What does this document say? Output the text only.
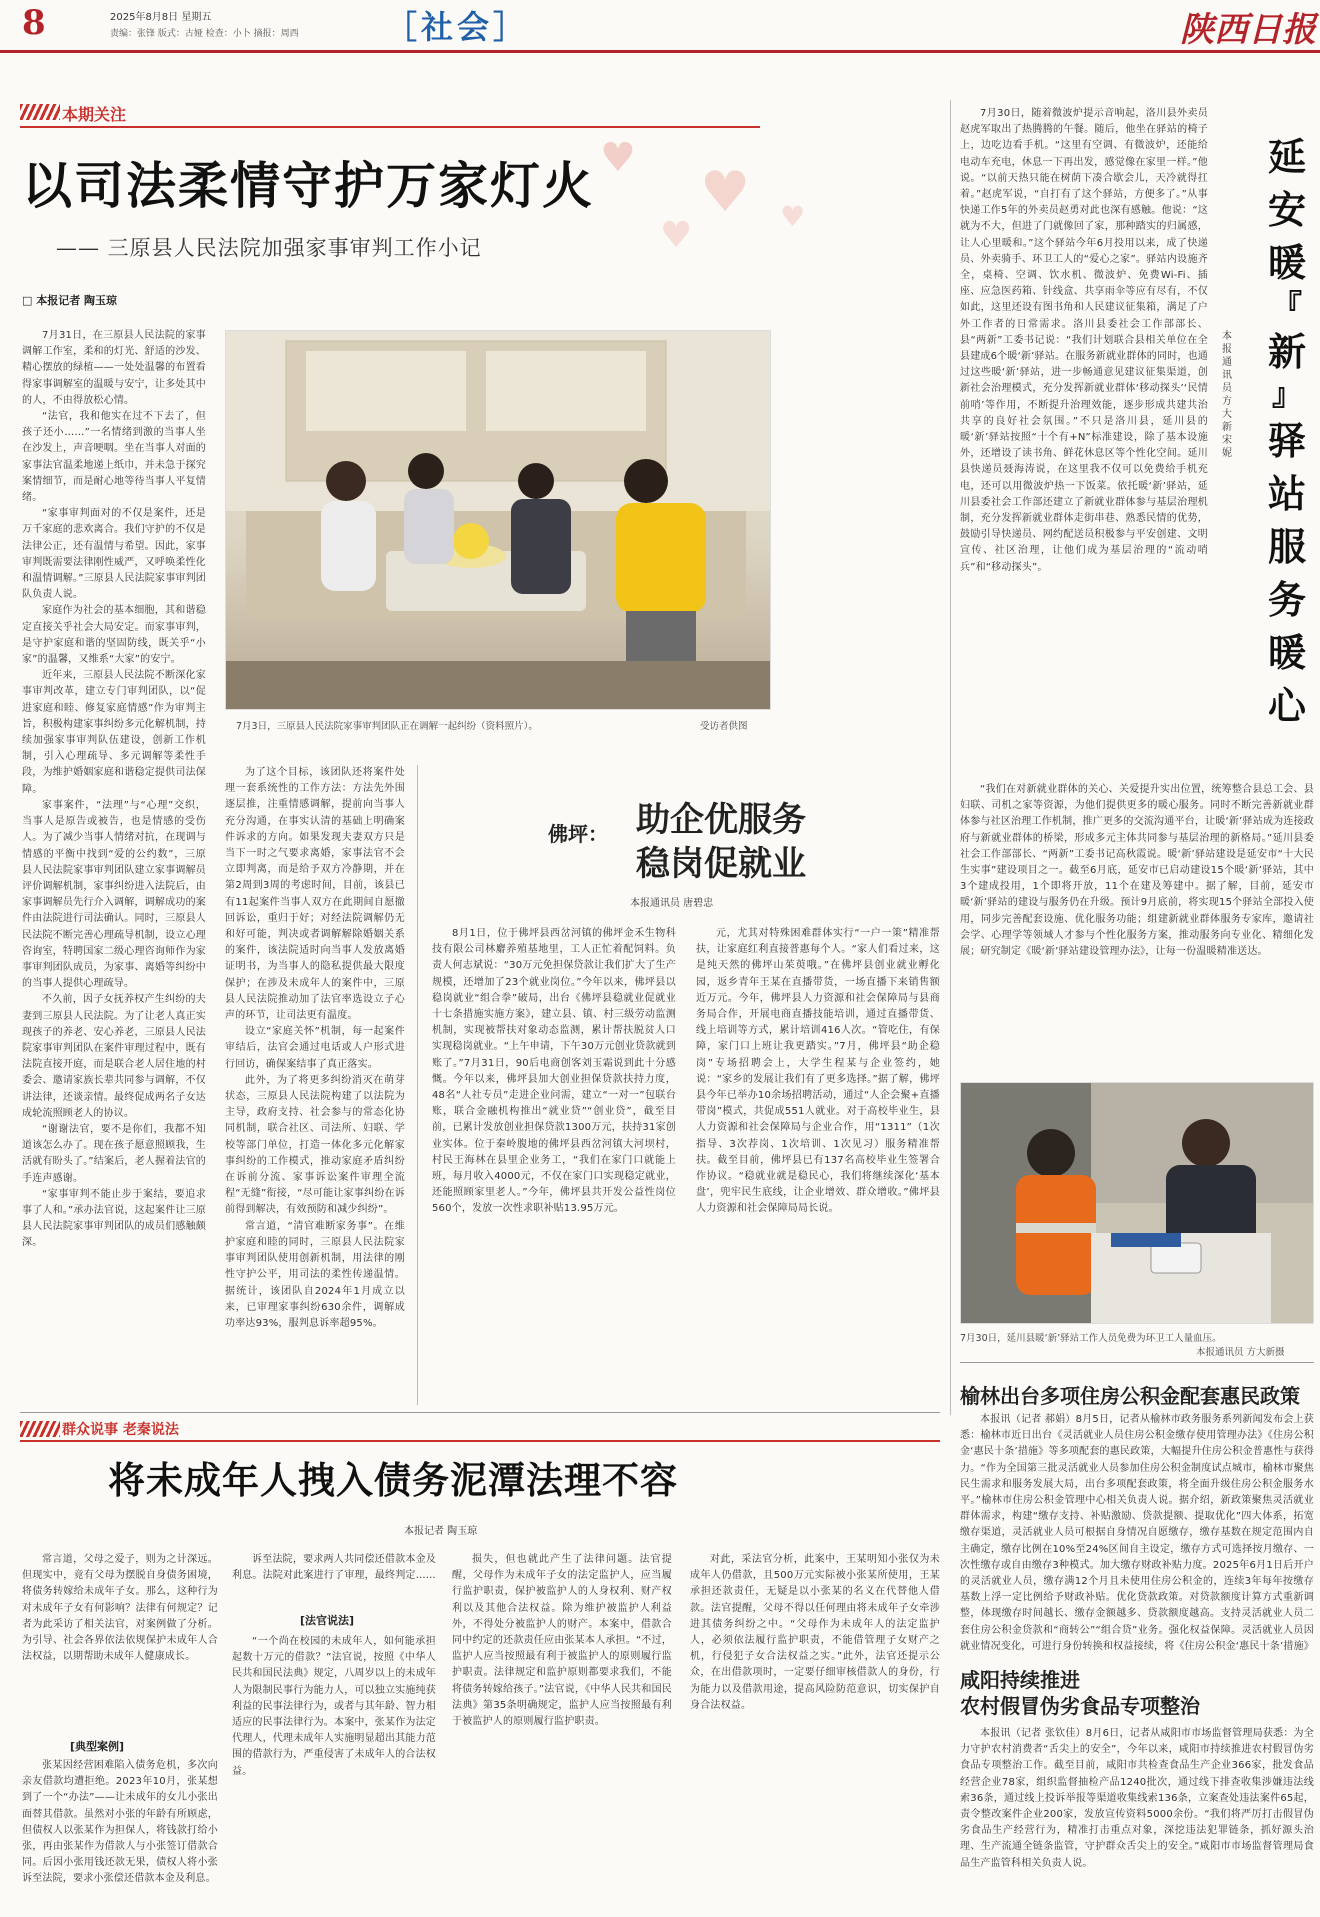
8	2025年8月8日 星期五
责编：张锋 版式：古娅 检查：小卜 摘报：周西	［社会］	陕西日报
本期关注
以司法柔情守护万家灯火
—— 三原县人民法院加强家事审判工作小记
♥
♥
♥	♥
□ 本报记者 陶玉琼

7月31日，在三原县人民法院的家事调解工作室，柔和的灯光、舒适的沙发、精心摆放的绿植——一处处温馨的布置看得家事调解室的温暖与安宁，让多处其中的人，不由得放松心情。

“法官，我和他实在过不下去了，但孩子还小……”一名情绪到激的当事人坐在沙发上，声音哽咽。坐在当事人对面的家事法官温柔地递上纸巾，并未急于探究案情细节，而是耐心地等待当事人平复情绪。

“家事审判面对的不仅是案件，还是万千家庭的悲欢离合。我们守护的不仅是法律公正，还有温情与希望。因此，家事审判既需要法律刚性威严，又呼唤柔性化和温情调解。”三原县人民法院家事审判团队负责人说。

家庭作为社会的基本细胞，其和谐稳定直接关乎社会大局安定。而家事审判，是守护家庭和谐的坚固防线，既关乎“小家”的温馨，又维系“大家”的安宁。

近年来，三原县人民法院不断深化家事审判改革，建立专门审判团队，以“促进家庭和睦、修复家庭情感”作为审判主旨，积极构建家事纠纷多元化解机制，持续加强家事审判队伍建设，创新工作机制，引入心理疏导、多元调解等柔性手段，为维护婚姻家庭和谐稳定提供司法保障。

家事案件，“法理”与“心理”交织，当事人是原告或被告，也是情感的受伤人。为了减少当事人情绪对抗，在现调与情感的平衡中找到“爱的公约数”，三原县人民法院家事审判团队建立家事调解员评价调解机制，家事纠纷进入法院后，由家事调解员先行介入调解，调解成功的案件由法院进行司法确认。同时，三原县人民法院不断完善心理疏导机制，设立心理咨询室，特聘国家二级心理咨询师作为家事审判团队成员，为家事、离婚等纠纷中的当事人提供心理疏导。

不久前，因子女抚养权产生纠纷的夫妻到三原县人民法院。为了让老人真正实现孩子的养老、安心养老，三原县人民法院家事审判团队在案件审理过程中，既有法院直接开庭，而是联合老人居住地的村委会、邀请家族长辈共同参与调解，不仅讲法律，还谈亲情。最终促成两名子女达成轮流照顾老人的协议。

“谢谢法官，要不是你们，我都不知道该怎么办了。现在孩子愿意照顾我，生活就有盼头了。”结案后，老人握着法官的手连声感谢。

“家事审判不能止步于案结，要追求事了人和。”承办法官说，这起案件让三原县人民法院家事审判团队的成员们感触颇深。

7月3日，三原县人民法院家事审判团队正在调解一起纠纷（资料照片）。	受访者供图

为了这个目标，该团队还将案件处理一套系统性的工作方法：方法先外围逐层推，注重情感调解，提前向当事人充分沟通，在事实认清的基础上明确案件诉求的方向。如果发现夫妻双方只是当下一时之气要求离婚，家事法官不会立即判离，而是给予双方冷静期，并在第2周到3周的考虑时间，目前，该县已有11起案件当事人双方在此期间自愿撤回诉讼，重归于好；对经法院调解仍无和好可能，判决或者调解解除婚姻关系的案件，该法院适时向当事人发放离婚证明书，为当事人的隐私提供最大限度保护；在涉及未成年人的案件中，三原县人民法院推动加了法官率选设立子心声的环节，让司法更有温度。

设立“家庭关怀”机制，每一起案件审结后，法官会通过电话或人户形式进行回访，确保案结事了真正落实。

此外，为了将更多纠纷消灭在萌芽状态，三原县人民法院构建了以法院为主导，政府支持、社会参与的常态化协同机制，联合社区、司法所、妇联、学校等部门单位，打造一体化多元化解家事纠纷的工作模式，推动家庭矛盾纠纷在诉前分流、家事诉讼案件审理全流程“无缝”衔接，“尽可能让家事纠纷在诉前得到解决，有效预防和减少纠纷”。

常言道，“清官难断家务事”。在维护家庭和睦的同时，三原县人民法院家事审判团队使用创新机制，用法律的刚性守护公平，用司法的柔性传递温情。据统计，该团队自2024年1月成立以来，已审理家事纠纷630余件，调解成功率达93%，服判息诉率超95%。

佛坪： 助企优服务
稳岗促就业
本报通讯员 唐碧忠

8月1日，位于佛坪县西岔河镇的佛坪金禾生物科技有限公司林麝养殖基地里，工人正忙着配饲料。负责人何志斌说：“30万元免担保贷款让我们扩大了生产规模，还增加了23个就业岗位。”今年以来，佛坪县以稳岗就业“组合拳”破局，出台《佛坪县稳就业促就业十七条措施实施方案》，建立县、镇、村三级劳动监测机制，实现被帮扶对象动态监测，累计帮扶脱贫人口实现稳岗就业。“上午申请，下午30万元创业贷款就到账了。”7月31日，90后电商创客刘玉霜说到此十分感慨。今年以来，佛坪县加大创业担保贷款扶持力度，48名“人社专员”走进企业问需，建立“一对一”包联台账，联合金融机构推出“就业贷”“创业贷”，截至目前，已累计发放创业担保贷款1300万元，扶持31家创业实体。位于秦岭腹地的佛坪县西岔河镇大河坝村，村民王海林在县里企业务工，“我们在家门口就能上班，每月收入4000元，不仅在家门口实现稳定就业，还能照顾家里老人。”今年，佛坪县共开发公益性岗位560个，发放一次性求职补贴13.95万元。

元，尤其对特殊困难群体实行“一户一策”精准帮扶，让家庭红利直接普惠每个人。“家人们看过来，这是纯天然的佛坪山茱萸哦。”在佛坪县创业就业孵化园，返乡青年王某在直播带货，一场直播下来销售额近万元。今年，佛坪县人力资源和社会保障局与县商务局合作，开展电商直播技能培训，通过直播带货、线上培训等方式，累计培训416人次。“管吃住，有保障，家门口上班让我更踏实。”7月，佛坪县“助企稳岗”专场招聘会上，大学生程某与企业签约，她说：“家乡的发展让我们有了更多选择。”据了解，佛坪县今年已举办10余场招聘活动，通过“人企会聚+直播带岗”模式，共促成551人就业。对于高校毕业生，县人力资源和社会保障局与企业合作，用“1311”（1次指导、3次荐岗、1次培训、1次见习）服务精准帮扶。截至目前，佛坪县已有137名高校毕业生签署合作协议。“稳就业就是稳民心，我们将继续深化‘基本盘’，兜牢民生底线，让企业增效、群众增收。”佛坪县人力资源和社会保障局局长说。

7月30日，随着微波炉提示音响起，洛川县外卖员赵虎军取出了热腾腾的午餐。随后，他坐在驿站的椅子上，边吃边看手机。“这里有空调、有微波炉，还能给电动车充电，休息一下再出发，感觉像在家里一样。”他说。“以前天热只能在树荫下凑合歇会儿，天冷就得扛着。”赵虎军说，“自打有了这个驿站，方便多了。”从事快递工作5年的外卖员赵勇对此也深有感触。他说：“这就为不大，但进了门就像回了家，那种踏实的归属感，让人心里暖和。”这个驿站今年6月投用以来，成了快递员、外卖骑手、环卫工人的“爱心之家”。驿站内设施齐全，桌椅、空调、饮水机、微波炉、免费Wi-Fi、插座、应急医药箱、针线盒、共享雨伞等应有尽有，不仅如此，这里还设有图书角和人民建议征集箱，满足了户外工作者的日常需求。洛川县委社会工作部部长、县“两新”工委书记说：“我们计划联合县相关单位在全县建成6个暖‘新’驿站。在服务新就业群体的同时，也通过这些暖‘新’驿站，进一步畅通意见建议征集渠道，创新社会治理模式，充分发挥新就业群体‘移动探头’‘民情前哨’等作用，不断提升治理效能，逐步形成共建共治共享的良好社会氛围。”不只是洛川县，延川县的暖‘新’驿站按照“十个有+N”标准建设，除了基本设施外，还增设了读书角、鲜花休息区等个性化空间。延川县快递员聂海涛说，在这里我不仅可以免费给手机充电，还可以用微波炉热一下饭菜。依托暖‘新’驿站，延川县委社会工作部还建立了新就业群体参与基层治理机制，充分发挥新就业群体走街串巷、熟悉民情的优势，鼓励引导快递员、网约配送员积极参与平安创建、文明宣传、社区治理，让他们成为基层治理的“流动哨兵”和“移动探头”。

延
安
暖
『
新
』
驿
站
服
务
暖
心
本报通讯员 方大新 宋妮

“我们在对新就业群体的关心、关爱提升实出位置，统筹整合县总工会、县妇联、司机之家等资源，为他们提供更多的暖心服务。同时不断完善新就业群体参与社区治理工作机制，推广更多的交流沟通平台，让暖‘新’驿站成为连接政府与新就业群体的桥梁，形成多元主体共同参与基层治理的新格局。”延川县委社会工作部部长、“两新”工委书记高秋霞说。暖‘新’驿站建设是延安市“十大民生实事”建设项目之一。截至6月底，延安市已启动建设15个暖‘新’驿站，其中3个建成投用，1个即将开放，11个在建及筹建中。据了解，目前，延安市暖‘新’驿站的建设与服务仍在升级。预计9月底前，将实现15个驿站全部投入使用，同步完善配套设施、优化服务功能；组建新就业群体服务专家库，邀请社会学、心理学等领域人才参与个性化服务方案，推动服务向专业化、精细化发展；研究制定《暖‘新’驿站建设管理办法》，让每一份温暖精准送达。

7月30日，延川县暖‘新’驿站工作人员免费为环卫工人量血压。
本报通讯员 方大新摄
榆林出台多项住房公积金配套惠民政策

本报讯（记者 郝娟）8月5日，记者从榆林市政务服务系列新闻发布会上获悉：榆林市近日出台《灵活就业人员住房公积金缴存使用管理办法》《住房公积金‘惠民十条’措施》等多项配套的惠民政策，大幅提升住房公积金普惠性与获得力。“作为全国第三批灵活就业人员参加住房公积金制度试点城市，榆林市聚焦民生需求和服务发展大局，出台多项配套政策，将全面升级住房公积金服务水平。”榆林市住房公积金管理中心相关负责人说。据介绍，新政策聚焦灵活就业群体需求，构建“缴存支持、补贴激励、贷款提额、提取优化”四大体系，拓宽缴存渠道，灵活就业人员可根据自身情况自愿缴存，缴存基数在规定范围内自主确定，缴存比例在10%至24%区间自主设定，缴存方式可选择按月缴存、一次性缴存或自由缴存3种模式。加大缴存财政补贴力度。2025年6月1日后开户的灵活就业人员，缴存满12个月且未使用住房公积金的，连续3年每年按缴存基数上浮一定比例给予财政补贴。优化贷款政策。对贷款额度计算方式重新调整，体现缴存时间越长、缴存金额越多、贷款额度越高。支持灵活就业人员二套住房公积金贷款和“商转公”“组合贷”业务。强化权益保障。灵活就业人员因就业情况变化，可进行身份转换和权益接续，将《住房公积金‘惠民十条’措施》

咸阳持续推进
农村假冒伪劣食品专项整治

本报讯（记者 张钦佳）8月6日，记者从咸阳市市场监督管理局获悉：为全力守护农村消费者“舌尖上的安全”，今年以来，咸阳市持续推进农村假冒伪劣食品专项整治工作。截至目前，咸阳市共检查食品生产企业366家，批发食品经营企业78家，组织监督抽检产品1240批次，通过线下排查收集涉嫌违法线索36条，通过线上投诉举报等渠道收集线索136条，立案查处违法案件65起，责令整改案件企业200家，发放宣传资料5000余份。“我们将严厉打击假冒伪劣食品生产经营行为，精准打击重点对象，深挖违法犯罪链条，抓好源头治理、生产流通全链条监管，守护群众舌尖上的安全。”咸阳市市场监督管理局食品生产监管科相关负责人说。

群众说事 老秦说法
将未成年人拽入债务泥潭法理不容
本报记者 陶玉琼

常言道，父母之爱子，则为之计深远。但现实中，竟有父母为摆脱自身债务困境，将债务转嫁给未成年子女。那么，这种行为对未成年子女有何影响？法律有何规定？记者为此采访了相关法官，对案例做了分析。为引导、社会各界依法依规保护未成年人合法权益，以期帮助未成年人健康成长。

[典型案例]

张某因经营困难陷入债务危机，多次向亲友借款均遭拒绝。2023年10月，张某想到了一个“办法”——让未成年的女儿小张出面替其借款。虽然对小张的年龄有所顾虑，但债权人以张某作为担保人，将钱款打给小张，再由张某作为借款人与小张签订借款合同。后因小张用钱还款无果，债权人将小张诉至法院，要求小张偿还借款本金及利息。

诉至法院，要求两人共同偿还借款本金及利息。法院对此案进行了审理，最终判定……

[法官说法]

“一个尚在校园的未成年人，如何能承担起数十万元的借款？”法官说，按照《中华人民共和国民法典》规定，八周岁以上的未成年人为限制民事行为能力人，可以独立实施纯获利益的民事法律行为，或者与其年龄、智力相适应的民事法律行为。本案中，张某作为法定代理人，代理未成年人实施明显超出其能力范围的借款行为，严重侵害了未成年人的合法权益。

损失，但也就此产生了法律问题。法官提醒，父母作为未成年子女的法定监护人，应当履行监护职责，保护被监护人的人身权利、财产权利以及其他合法权益。除为维护被监护人利益外，不得处分被监护人的财产。本案中，借款合同中约定的还款责任应由张某本人承担。“不过，监护人应当按照最有利于被监护人的原则履行监护职责。法律规定和监护原则都要求我们，不能将债务转嫁给孩子。”法官说，《中华人民共和国民法典》第35条明确规定，监护人应当按照最有利于被监护人的原则履行监护职责。

对此，采法官分析，此案中，王某明知小张仅为未成年人仍借款，且500万元实际被小张某所使用，王某承担还款责任，无疑是以小张某的名义在代替他人借款。法官提醒，父母不得以任何理由将未成年子女牵涉进其债务纠纷之中。“父母作为未成年人的法定监护人，必须依法履行监护职责，不能借管理子女财产之机，行侵犯子女合法权益之实。”此外，法官还提示公众，在出借款项时，一定要仔细审核借款人的身份，行为能力以及借款用途，提高风险防范意识，切实保护自身合法权益。
